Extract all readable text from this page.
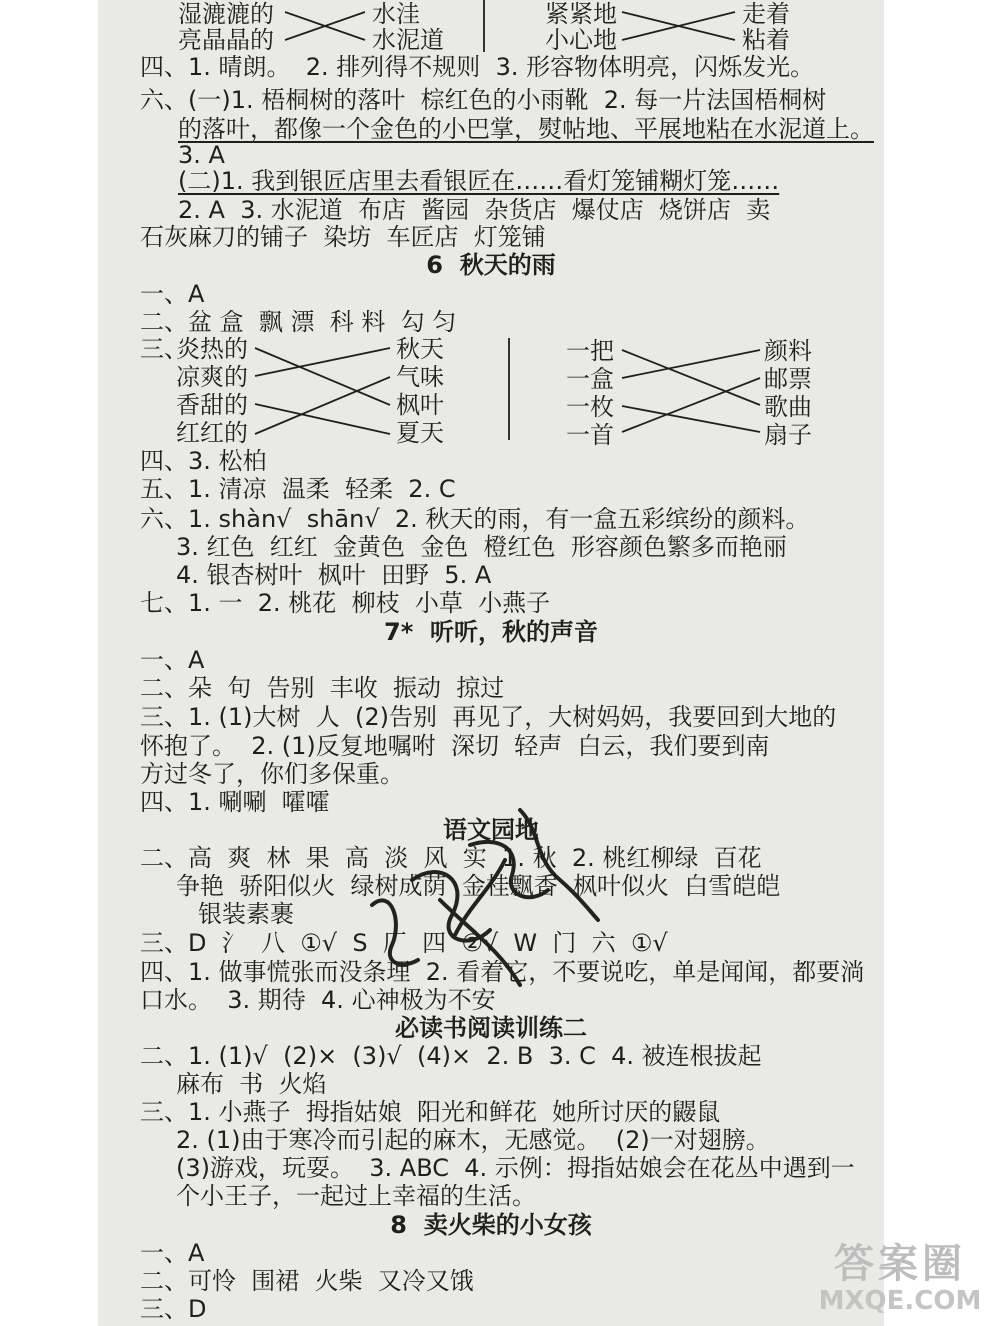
湿漉漉的
亮晶晶的
水洼
水泥道
紧紧地
小心地
走着
粘着
四、1. 晴朗。  2. 排列得不规则  3. 形容物体明亮，闪烁发光。
六、(一)1. 梧桐树的落叶  棕红色的小雨靴  2. 每一片法国梧桐树
的落叶，都像一个金色的小巴掌，熨帖地、平展地粘在水泥道上。
3. A
(二)1. 我到银匠店里去看银匠在……看灯笼铺糊灯笼……
2. A  3. 水泥道  布店  酱园  杂货店  爆仗店  烧饼店  卖
石灰麻刀的铺子  染坊  车匠店  灯笼铺
6  秋天的雨
一、A
二、盆 盒  飘 漂  科 料  勾 匀
三、
炎热的
凉爽的
香甜的
红红的
秋天
气味
枫叶
夏天
一把
一盒
一枚
一首
颜料
邮票
歌曲
扇子
四、3. 松柏
五、1. 清凉  温柔  轻柔  2. C
六、1. shàn√  shān√  2. 秋天的雨，有一盒五彩缤纷的颜料。
3. 红色  红红  金黄色  金色  橙红色  形容颜色繁多而艳丽
4. 银杏树叶  枫叶  田野  5. A
七、1. 一  2. 桃花  柳枝  小草  小燕子
7*  听听，秋的声音
一、A
二、朵  句  告别  丰收  振动  掠过
三、1. (1)大树  人  (2)告别  再见了，大树妈妈，我要回到大地的
怀抱了。  2. (1)反复地嘱咐  深切  轻声  白云，我们要到南
方过冬了，你们多保重。
四、1. 唰唰  嚯嚯
语文园地
二、高  爽  林  果  高  淡  风  实  1. 秋  2. 桃红柳绿  百花
争艳  骄阳似火  绿树成荫  金桂飘香  枫叶似火  白雪皑皑
银装素裹
三、D  氵  八  ①√  S  厂  四  ②√  W  门  六  ①√
四、1. 做事慌张而没条理  2. 看着它，不要说吃，单是闻闻，都要淌
口水。  3. 期待  4. 心神极为不安
必读书阅读训练二
二、1. (1)√  (2)×  (3)√  (4)×  2. B  3. C  4. 被连根拔起
麻布  书  火焰
三、1. 小燕子  拇指姑娘  阳光和鲜花  她所讨厌的鼹鼠
2. (1)由于寒冷而引起的麻木，无感觉。  (2)一对翅膀。
(3)游戏，玩耍。  3. ABC  4. 示例：拇指姑娘会在花丛中遇到一
个小王子，一起过上幸福的生活。
8  卖火柴的小女孩
一、A
二、可怜  围裙  火柴  又冷又饿
三、D
答案圈
MXQE.COM
